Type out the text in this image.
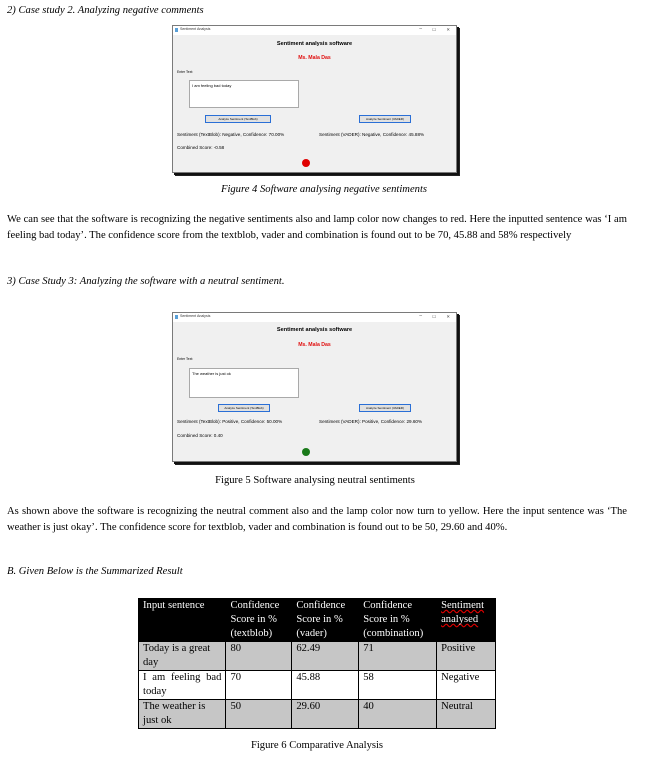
2) Case study 2. Analyzing negative comments
Sentiment Analysis	–	☐ ✕
Sentiment analysis software
Ms. Mala Das
Enter Text:
I am feeling bad today
Analyze Sentiment (TextBlob)	Analyze Sentiment (VADER)
Sentiment (TextBlob): Negative, Confidence: 70.00%	Sentiment (VADER): Negative, Confidence: 45.88%
Combined Score: -0.58
Figure 4 Software analysing negative sentiments
We can see that the software is recognizing the negative sentiments also and lamp color now changes to red. Here the inputted sentence was ‘I am feeling bad today’. The confidence score from the textblob, vader and combination is found out to be 70, 45.88 and 58% respectively
3) Case Study 3: Analyzing the software with a neutral sentiment.
Sentiment Analysis	–	☐ ✕
Sentiment analysis software
Ms. Mala Das
Enter Text:
The weather is just ok
Analyze Sentiment (TextBlob)	Analyze Sentiment (VADER)
Sentiment (TextBlob): Positive, Confidence: 50.00%	Sentiment (VADER): Positive, Confidence: 29.60%
Combined Score: 0.40
Figure 5 Software analysing neutral sentiments
As shown above the software is recognizing the neutral comment also and the lamp color now turn to yellow. Here the input sentence was ‘The weather is just okay’. The confidence score for textblob, vader and combination is found out to be 50, 29.60 and 40%.
B. Given Below is the Summarized Result
Input sentence	Confidence Score in % (textblob)	Confidence Score in % (vader)	Confidence Score in % (combination)	Sentiment analysed
Today is a great day	80	62.49	71	Positive
I am feeling bad today	70	45.88	58	Negative
The weather is just ok	50	29.60	40	Neutral
Figure 6 Comparative Analysis
